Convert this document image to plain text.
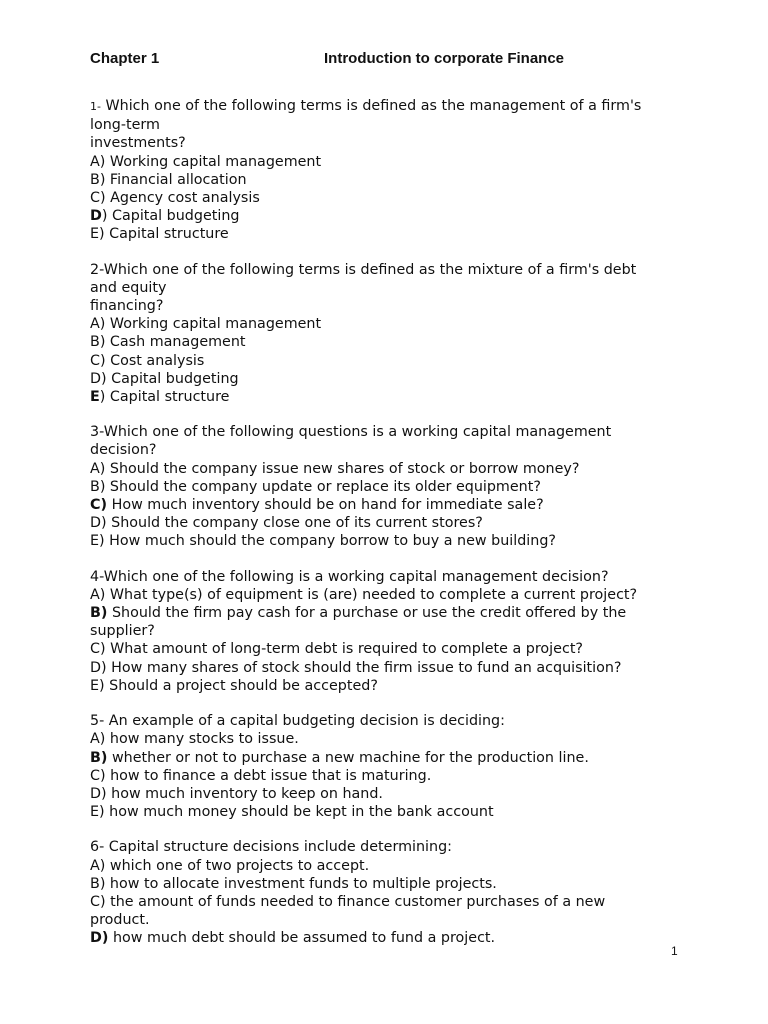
Chapter 1	Introduction to corporate Finance
1- Which one of the following terms is defined as the management of a firm's
long-term
investments?
A) Working capital management
B) Financial allocation
C) Agency cost analysis
D) Capital budgeting
E) Capital structure
2-Which one of the following terms is defined as the mixture of a firm's debt
and equity
financing?
A) Working capital management
B) Cash management
C) Cost analysis
D) Capital budgeting
E) Capital structure
3-Which one of the following questions is a working capital management
decision?
A) Should the company issue new shares of stock or borrow money?
B) Should the company update or replace its older equipment?
C) How much inventory should be on hand for immediate sale?
D) Should the company close one of its current stores?
E) How much should the company borrow to buy a new building?
4-Which one of the following is a working capital management decision?
A) What type(s) of equipment is (are) needed to complete a current project?
B) Should the firm pay cash for a purchase or use the credit offered by the
supplier?
C) What amount of long-term debt is required to complete a project?
D) How many shares of stock should the firm issue to fund an acquisition?
E) Should a project should be accepted?
5- An example of a capital budgeting decision is deciding:
A) how many stocks to issue.
B) whether or not to purchase a new machine for the production line.
C) how to finance a debt issue that is maturing.
D) how much inventory to keep on hand.
E) how much money should be kept in the bank account
6- Capital structure decisions include determining:
A) which one of two projects to accept.
B) how to allocate investment funds to multiple projects.
C) the amount of funds needed to finance customer purchases of a new
product.
D) how much debt should be assumed to fund a project.
1
